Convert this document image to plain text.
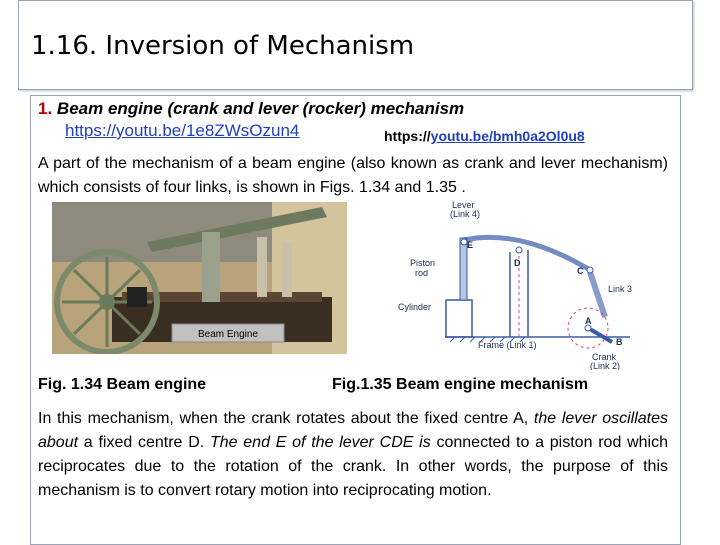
1.16. Inversion of Mechanism
1. Beam engine (crank and lever (rocker) mechanism
https://youtu.be/1e8ZWsOzun4	https://youtu.be/bmh0a2Ol0u8
A part of the mechanism of a beam engine (also known as crank and lever mechanism) which consists of four links, is shown in Figs. 1.34 and 1.35 .
Beam Engine
Lever
(Link 4)
Piston
rod
Cylinder
Frame (Link 1)
Link 3
Crank
(Link 2)
E
D
C
A
B
Fig. 1.34 Beam engine	Fig.1.35 Beam engine mechanism
In this mechanism, when the crank rotates about the fixed centre A, the lever oscillates about a fixed centre D. The end E of the lever CDE is connected to a piston rod which reciprocates due to the rotation of the crank. In other words, the purpose of this mechanism is to convert rotary motion into reciprocating motion.
